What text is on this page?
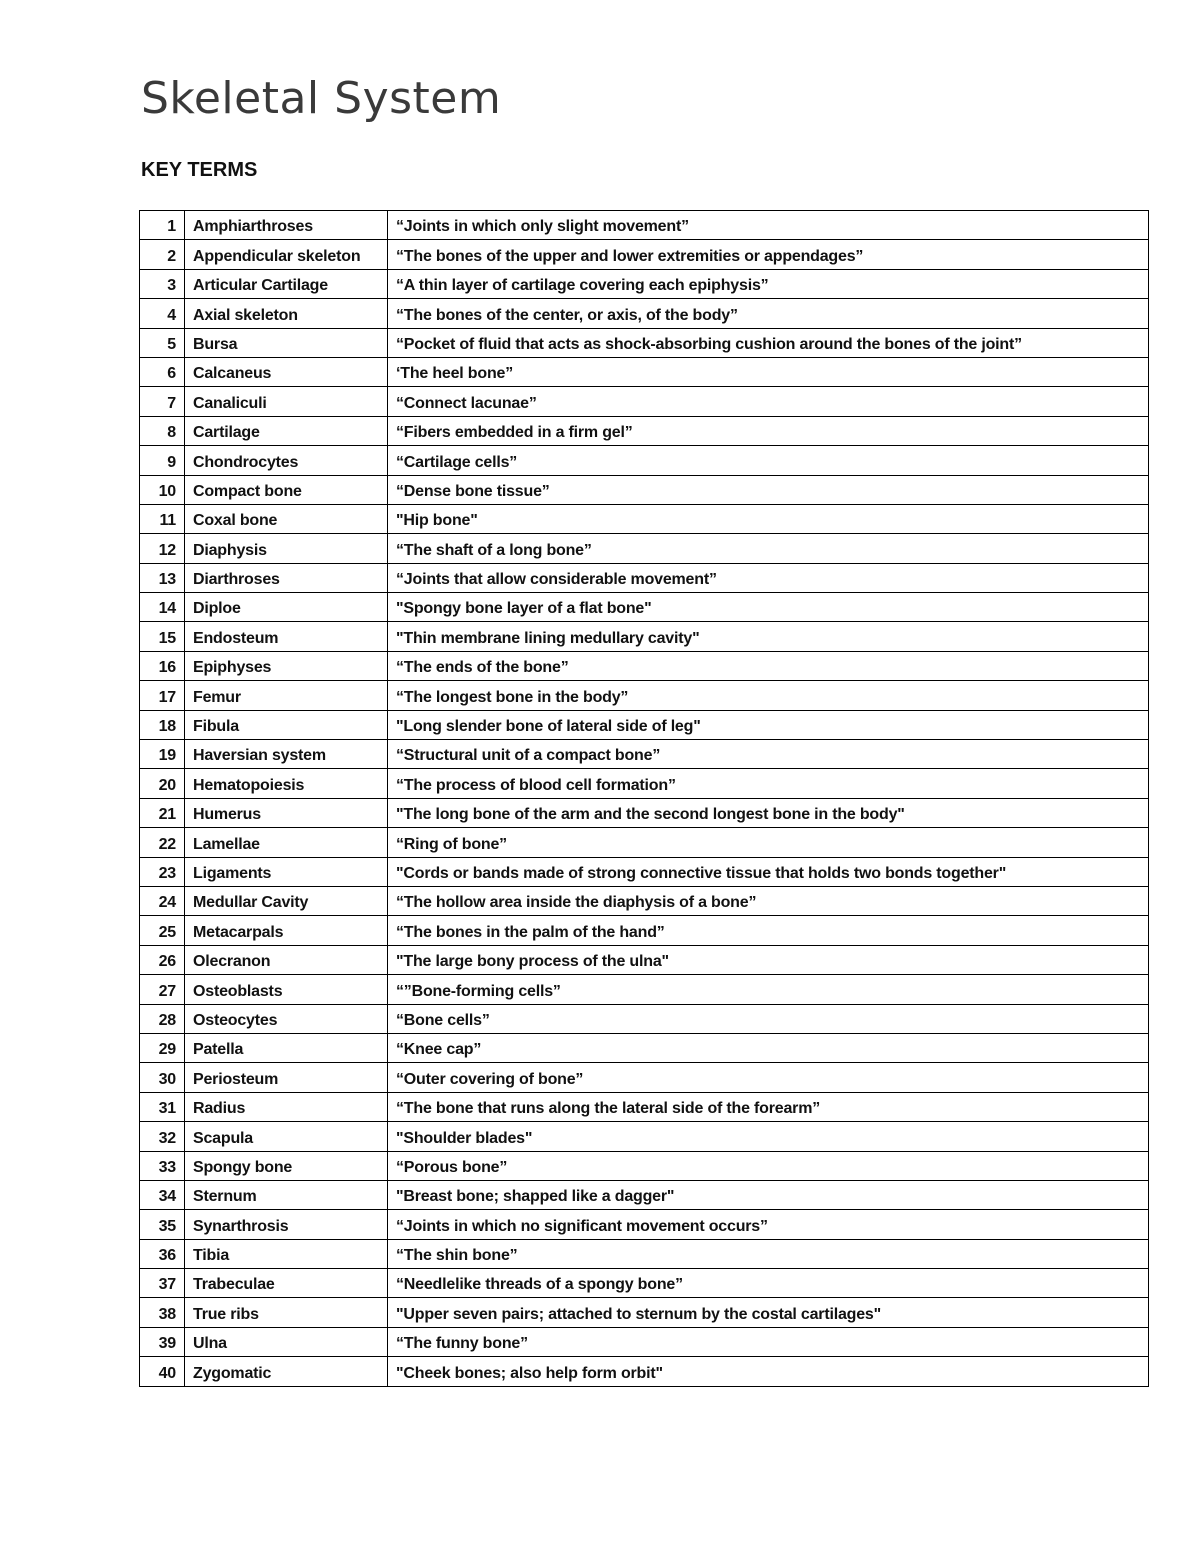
Skeletal System
KEY TERMS
1	Amphiarthroses	“Joints in which only slight movement”
2	Appendicular skeleton	“The bones of the upper and lower extremities or appendages”
3	Articular Cartilage	“A thin layer of cartilage covering each epiphysis”
4	Axial skeleton	“The bones of the center, or axis, of the body”
5	Bursa	“Pocket of fluid that acts as shock-absorbing cushion around the bones of the joint”
6	Calcaneus	‘The heel bone”
7	Canaliculi	“Connect lacunae”
8	Cartilage	“Fibers embedded in a firm gel”
9	Chondrocytes	“Cartilage cells”
10	Compact bone	“Dense bone tissue”
11	Coxal bone	"Hip bone"
12	Diaphysis	“The shaft of a long bone”
13	Diarthroses	“Joints that allow considerable movement”
14	Diploe	"Spongy bone layer of a flat bone"
15	Endosteum	"Thin membrane lining medullary cavity"
16	Epiphyses	“The ends of the bone”
17	Femur	“The longest bone in the body”
18	Fibula	"Long slender bone of lateral side of leg"
19	Haversian system	“Structural unit of a compact bone”
20	Hematopoiesis	“The process of blood cell formation”
21	Humerus	"The long bone of the arm and the second longest bone in the body"
22	Lamellae	“Ring of bone”
23	Ligaments	"Cords or bands made of strong connective tissue that holds two bonds together"
24	Medullar Cavity	“The hollow area inside the diaphysis of a bone”
25	Metacarpals	“The bones in the palm of the hand”
26	Olecranon	"The large bony process of the ulna"
27	Osteoblasts	“”Bone-forming cells”
28	Osteocytes	“Bone cells”
29	Patella	“Knee cap”
30	Periosteum	“Outer covering of bone”
31	Radius	“The bone that runs along the lateral side of the forearm”
32	Scapula	"Shoulder blades"
33	Spongy bone	“Porous bone”
34	Sternum	"Breast bone; shapped like a dagger"
35	Synarthrosis	“Joints in which no significant movement occurs”
36	Tibia	“The shin bone”
37	Trabeculae	“Needlelike threads of a spongy bone”
38	True ribs	"Upper seven pairs; attached to sternum by the costal cartilages"
39	Ulna	“The funny bone”
40	Zygomatic	"Cheek bones; also help form orbit"
